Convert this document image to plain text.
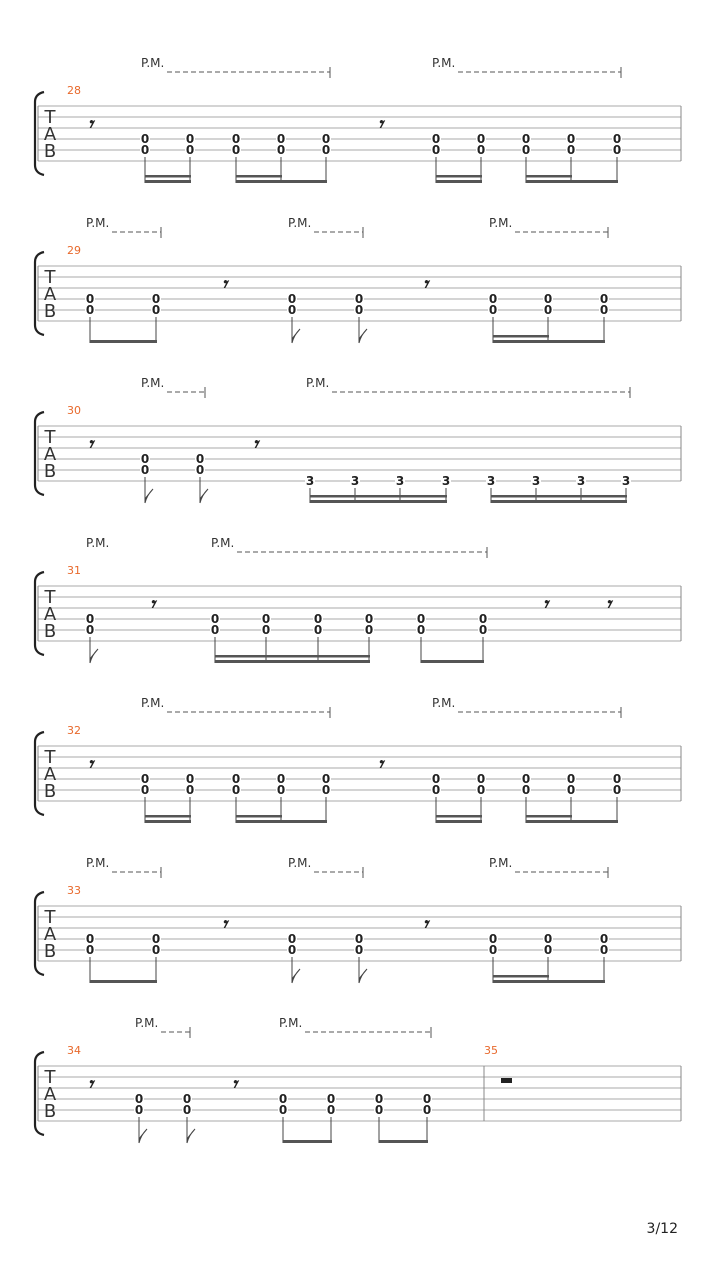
T
A
B
28
P.M.	P.M.
𝄾	𝄾
0
0
0
0
0
0
0
0
0
0
0
0
0
0
0
0
0
0
0
0
T
A
B
29
P.M.	P.M.	P.M.
𝄾	𝄾
0
0
0
0
0
0
0
0
0
0
0
0
0
0
T
A
B
30
P.M.	P.M.
𝄾	𝄾
0
0
0
0
3	3	3	3	3	3	3	3
T
A
B
31
P.M.	P.M.
𝄾	𝄾	𝄾
0
0
0
0
0
0
0
0
0
0
0
0
0
0
T
A
B
32
P.M.	P.M.
𝄾	𝄾
0
0
0
0
0
0
0
0
0
0
0
0
0
0
0
0
0
0
0
0
T
A
B
33
P.M.	P.M.	P.M.
𝄾	𝄾
0
0
0
0
0
0
0
0
0
0
0
0
0
0
T
A
B
34	35
P.M.	P.M.
𝄾	𝄾
0
0
0
0
0
0
0
0
0
0
0
0
3/12
